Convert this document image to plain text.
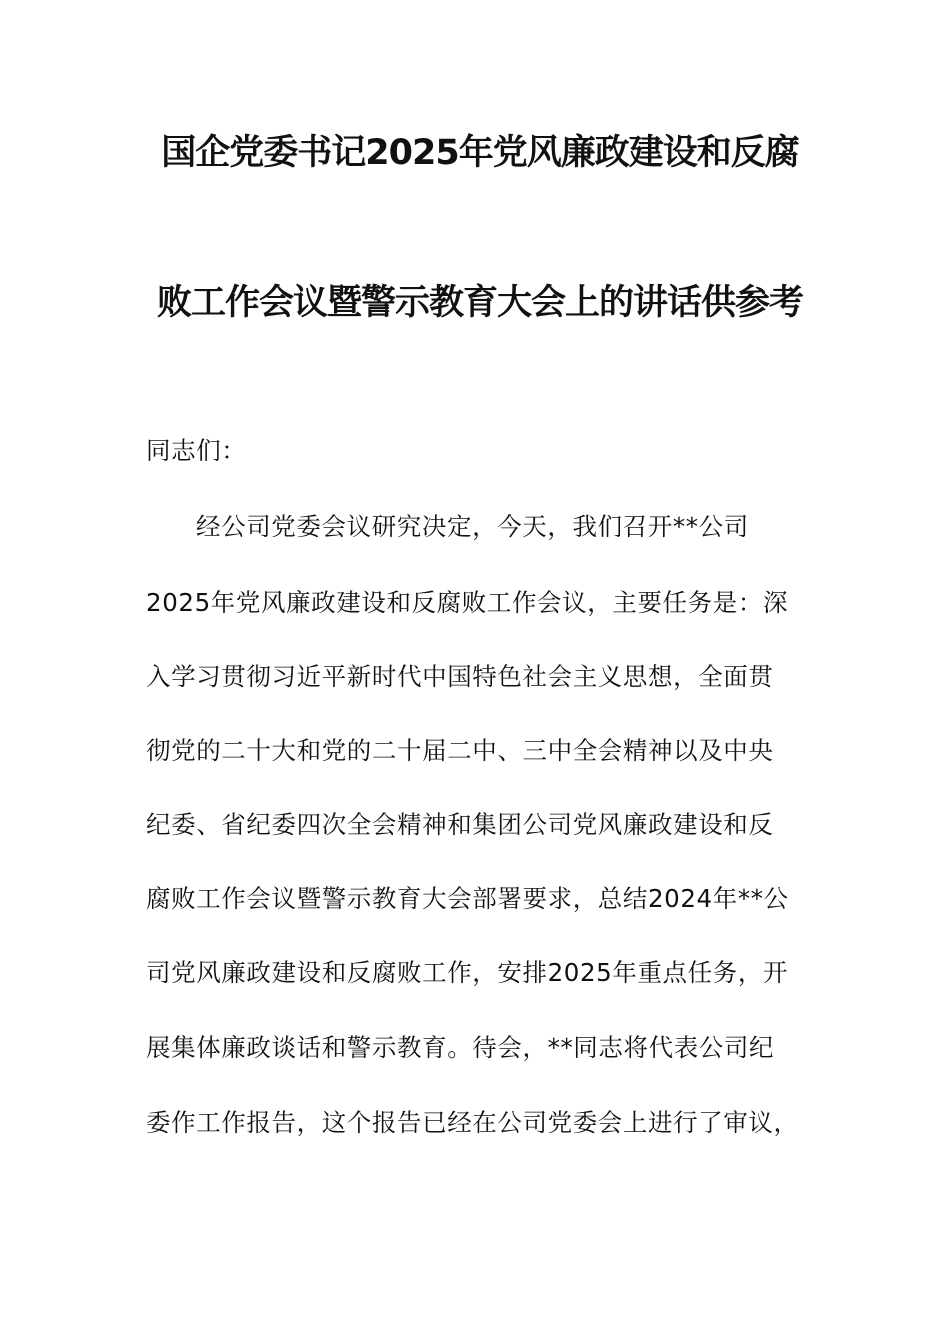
国企党委书记2025年党风廉政建设和反腐
败工作会议暨警示教育大会上的讲话供参考
同志们：
经公司党委会议研究决定，今天，我们召开**公司
2025年党风廉政建设和反腐败工作会议，主要任务是：深
入学习贯彻习近平新时代中国特色社会主义思想，全面贯
彻党的二十大和党的二十届二中、三中全会精神以及中央
纪委、省纪委四次全会精神和集团公司党风廉政建设和反
腐败工作会议暨警示教育大会部署要求，总结2024年**公
司党风廉政建设和反腐败工作，安排2025年重点任务，开
展集体廉政谈话和警示教育。待会，**同志将代表公司纪
委作工作报告，这个报告已经在公司党委会上进行了审议，
